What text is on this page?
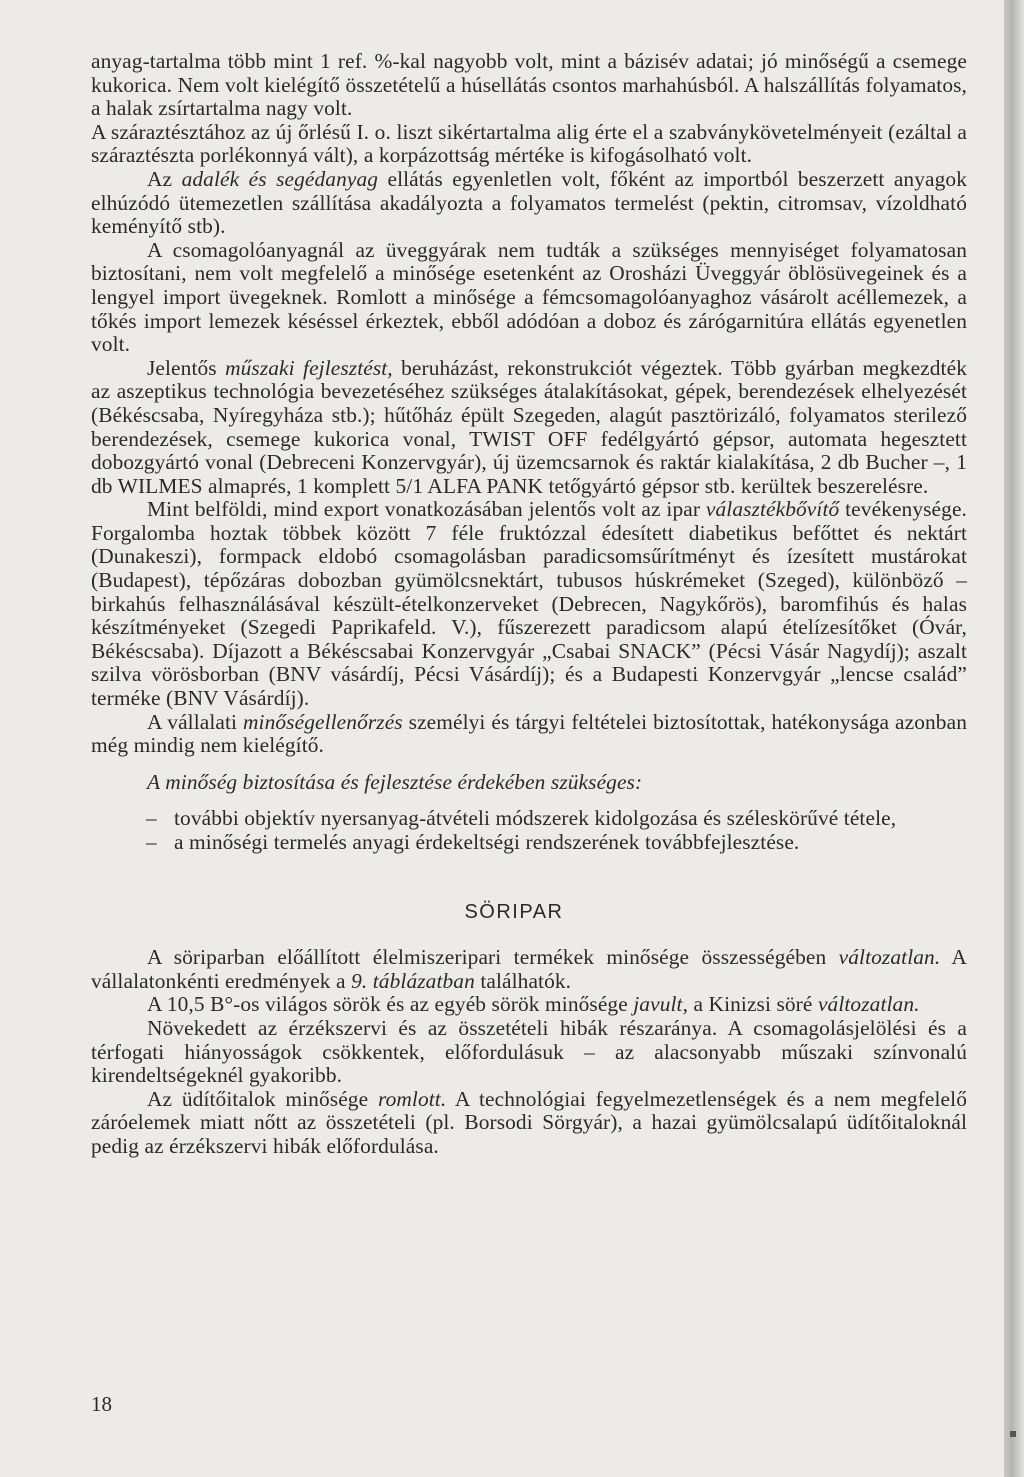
anyag-tartalma több mint 1 ref. %-kal nagyobb volt, mint a bázisév adatai; jó minőségű a csemege kukorica. Nem volt kielégítő összetételű a húsellátás csontos marhahúsból. A halszállítás folyamatos, a halak zsírtartalma nagy volt.

A száraztésztához az új őrlésű I. o. liszt sikértartalma alig érte el a szabványkövetelményeit (ezáltal a száraztészta porlékonnyá vált), a korpázottság mértéke is kifogásolható volt.

Az adalék és segédanyag ellátás egyenletlen volt, főként az importból beszerzett anyagok elhúzódó ütemezetlen szállítása akadályozta a folyamatos termelést (pektin, citromsav, vízoldható keményítő stb).

A csomagolóanyagnál az üveggyárak nem tudták a szükséges mennyiséget folyamatosan biztosítani, nem volt megfelelő a minősége esetenként az Orosházi Üveggyár öblösüvegeinek és a lengyel import üvegeknek. Romlott a minősége a fémcsomagolóanyaghoz vásárolt acéllemezek, a tőkés import lemezek késéssel érkeztek, ebből adódóan a doboz és zárógarnitúra ellátás egyenetlen volt.

Jelentős műszaki fejlesztést, beruházást, rekonstrukciót végeztek. Több gyárban megkezdték az aszeptikus technológia bevezetéséhez szükséges átalakításokat, gépek, berendezések elhelyezését (Békéscsaba, Nyíregyháza stb.); hűtőház épült Szegeden, alagút pasztörizáló, folyamatos sterilező berendezések, csemege kukorica vonal, TWIST OFF fedélgyártó gépsor, automata hegesztett dobozgyártó vonal (Debreceni Konzervgyár), új üzemcsarnok és raktár kialakítása, 2 db Bucher –, 1 db WILMES almaprés, 1 komplett 5/1 ALFA PANK tetőgyártó gépsor stb. kerültek beszerelésre.

Mint belföldi, mind export vonatkozásában jelentős volt az ipar választékbővítő tevékenysége. Forgalomba hoztak többek között 7 féle fruktózzal édesített diabetikus befőttet és nektárt (Dunakeszi), formpack eldobó csomagolásban paradicsomsűrítményt és ízesített mustárokat (Budapest), tépőzáras dobozban gyümölcsnektárt, tubusos húskrémeket (Szeged), különböző – birkahús felhasználásával készült-ételkonzerveket (Debrecen, Nagykőrös), baromfihús és halas készítményeket (Szegedi Paprikafeld. V.), fűszerezett paradicsom alapú ételízesítőket (Óvár, Békéscsaba). Díjazott a Békéscsabai Konzervgyár „Csabai SNACK” (Pécsi Vásár Nagydíj); aszalt szilva vörösborban (BNV vásárdíj, Pécsi Vásárdíj); és a Budapesti Konzervgyár „lencse család” terméke (BNV Vásárdíj).

A vállalati minőségellenőrzés személyi és tárgyi feltételei biztosítottak, hatékonysága azonban még mindig nem kielégítő.

A minőség biztosítása és fejlesztése érdekében szükséges:

– további objektív nyersanyag-átvételi módszerek kidolgozása és széleskörűvé tétele,
– a minőségi termelés anyagi érdekeltségi rendszerének továbbfejlesztése.
SÖRIPAR

A söriparban előállított élelmiszeripari termékek minősége összességében változatlan. A vállalatonkénti eredmények a 9. táblázatban találhatók.

A 10,5 B°-os világos sörök és az egyéb sörök minősége javult, a Kinizsi söré változatlan.

Növekedett az érzékszervi és az összetételi hibák részaránya. A csomagolásjelölési és a térfogati hiányosságok csökkentek, előfordulásuk – az alacsonyabb műszaki színvonalú kirendeltségeknél gyakoribb.

Az üdítőitalok minősége romlott. A technológiai fegyelmezetlenségek és a nem megfelelő záróelemek miatt nőtt az összetételi (pl. Borsodi Sörgyár), a hazai gyümölcsalapú üdítőitaloknál pedig az érzékszervi hibák előfordulása.

18
